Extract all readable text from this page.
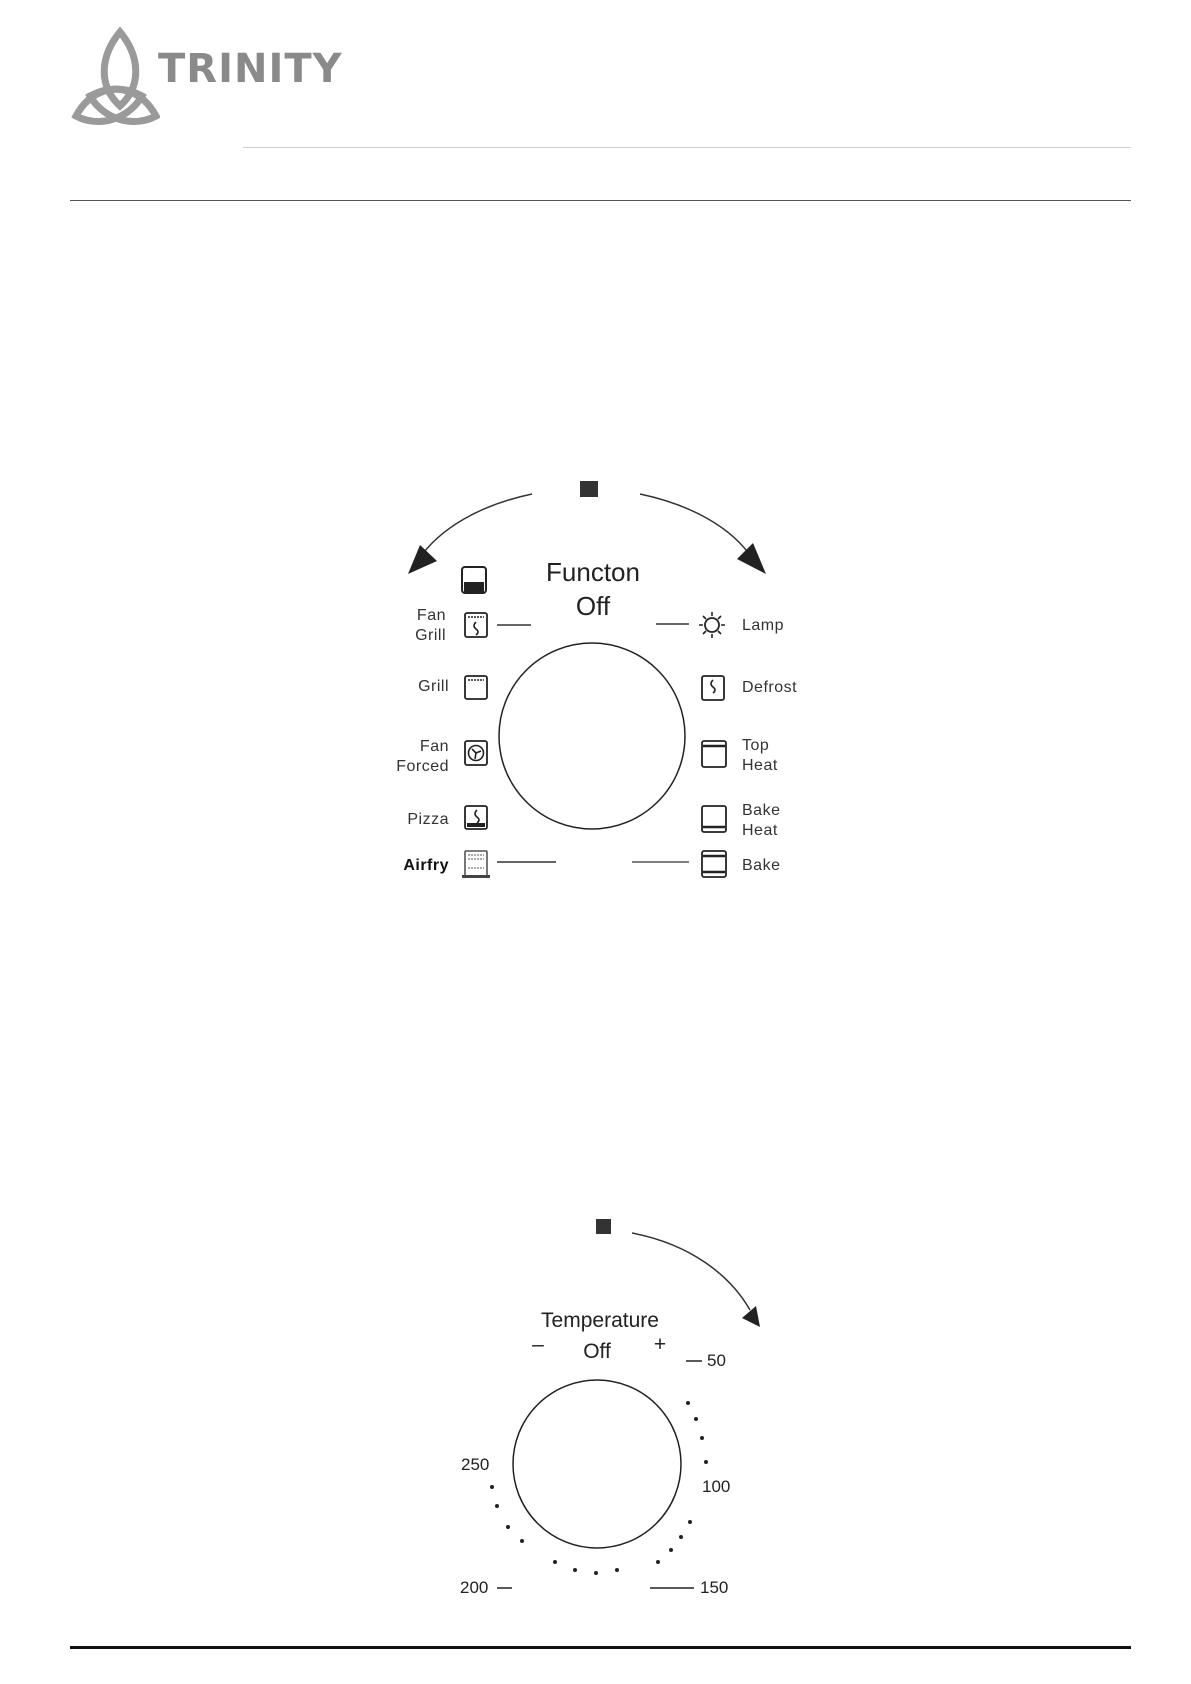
TRINITY
Functon
Off
Fan
Grill
Grill
Fan
Forced
Pizza
Airfry
Lamp
Defrost
Top
Heat
Bake
Heat
Bake
Temperature
–	+
Off	50
100
150
200
250
